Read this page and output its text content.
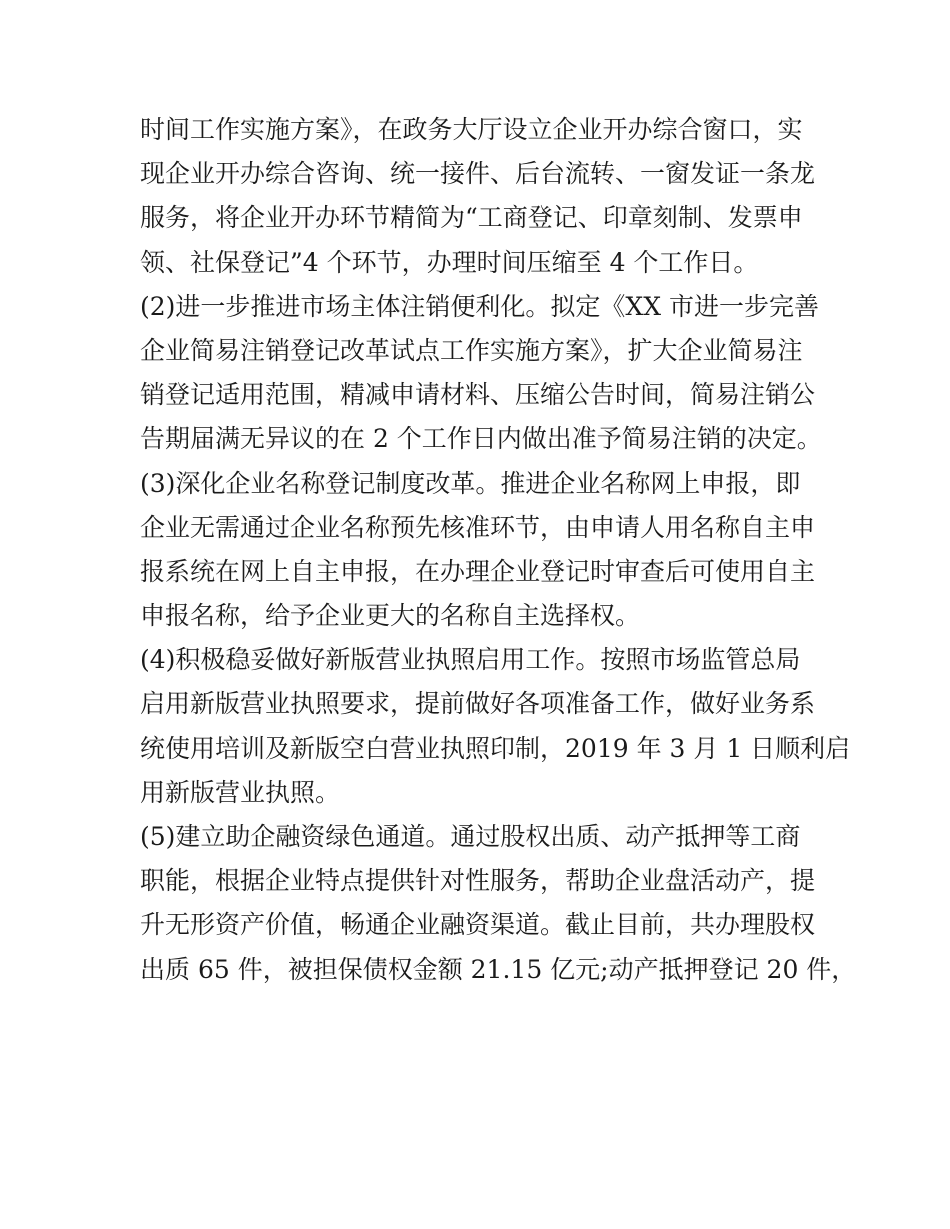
时间工作实施方案》，在政务大厅设立企业开办综合窗口，实
现企业开办综合咨询、统一接件、后台流转、一窗发证一条龙
服务，将企业开办环节精简为“工商登记、印章刻制、发票申
领、社保登记”4 个环节，办理时间压缩至 4 个工作日。
(2)进一步推进市场主体注销便利化。拟定《XX 市进一步完善
企业简易注销登记改革试点工作实施方案》，扩大企业简易注
销登记适用范围，精减申请材料、压缩公告时间，简易注销公
告期届满无异议的在 2 个工作日内做出准予简易注销的决定。
(3)深化企业名称登记制度改革。推进企业名称网上申报，即
企业无需通过企业名称预先核准环节，由申请人用名称自主申
报系统在网上自主申报，在办理企业登记时审查后可使用自主
申报名称，给予企业更大的名称自主选择权。
(4)积极稳妥做好新版营业执照启用工作。按照市场监管总局
启用新版营业执照要求，提前做好各项准备工作，做好业务系
统使用培训及新版空白营业执照印制，2019 年 3 月 1 日顺利启
用新版营业执照。
(5)建立助企融资绿色通道。通过股权出质、动产抵押等工商
职能，根据企业特点提供针对性服务，帮助企业盘活动产，提
升无形资产价值，畅通企业融资渠道。截止目前，共办理股权
出质 65 件，被担保债权金额 21.15 亿元;动产抵押登记 20 件，
